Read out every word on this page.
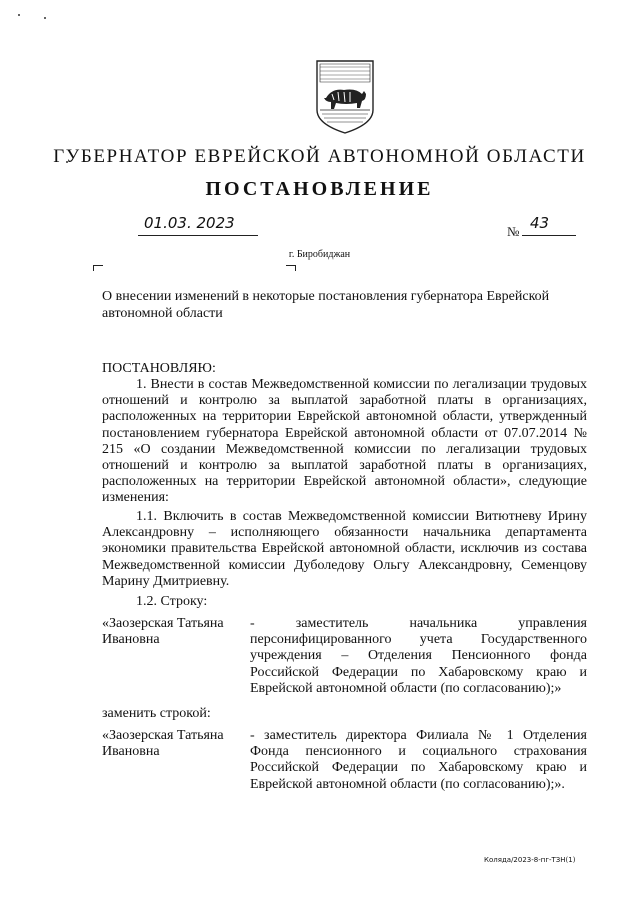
ГУБЕРНАТОР ЕВРЕЙСКОЙ АВТОНОМНОЙ ОБЛАСТИ
ПОСТАНОВЛЕНИЕ
01.03. 2023	№ 43
г. Биробиджан
О внесении изменений в некоторые постановления губернатора Еврейской автономной области
ПОСТАНОВЛЯЮ:

1. Внести в состав Межведомственной комиссии по легализации трудовых отношений и контролю за выплатой заработной платы в организациях, расположенных на территории Еврейской автономной области, утвержденный постановлением губернатора Еврейской автономной области от 07.07.2014 № 215 «О создании Межведомственной комиссии по легализации трудовых отношений и контролю за выплатой заработной платы в организациях, расположенных на территории Еврейской автономной области», следующие изменения:

1.1. Включить в состав Межведомственной комиссии Витютневу Ирину Александровну – исполняющего обязанности начальника департамента экономики правительства Еврейской автономной области, исключив из состава Межведомственной комиссии Дуболедову Ольгу Александровну, Семенцову Марину Дмитриевну.

1.2. Строку:
«Заозерская Татьяна Ивановна
- заместитель начальника управления персонифицированного учета Государственного учреждения – Отделения Пенсионного фонда Российской Федерации по Хабаровскому краю и Еврейской автономной области (по согласованию);»
заменить строкой:
«Заозерская Татьяна Ивановна
- заместитель директора Филиала № 1 Отделения Фонда пенсионного и социального страхования Российской Федерации по Хабаровскому краю и Еврейской автономной области (по согласованию);».
Коляда/2023-8-пг-ТЗН(1)
